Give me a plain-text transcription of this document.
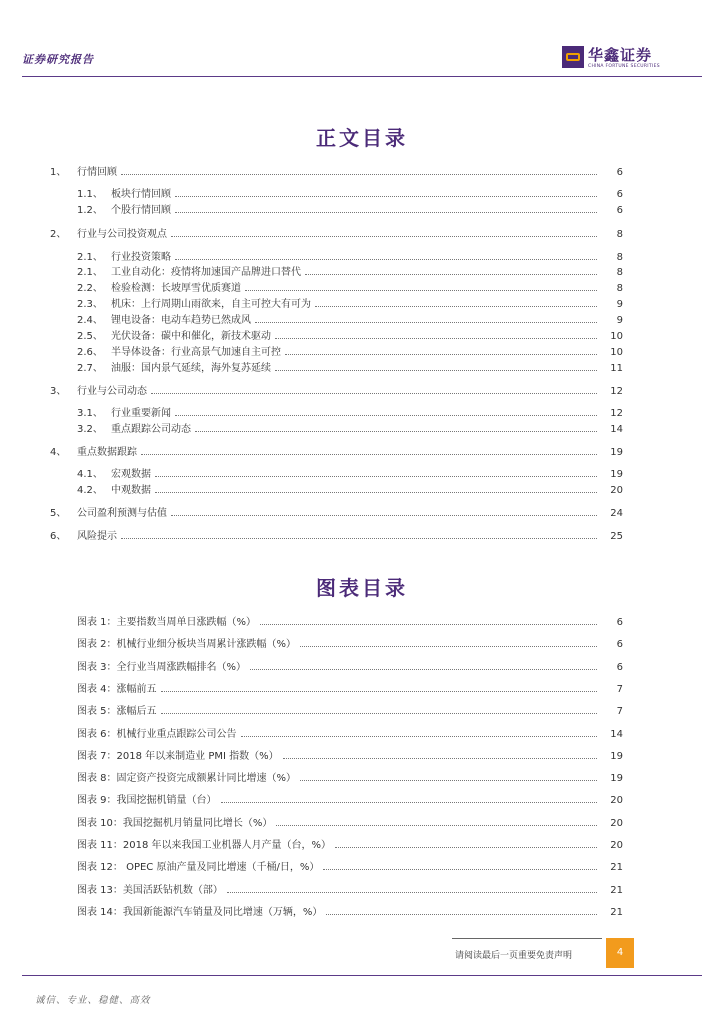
证券研究报告	华鑫证券
CHINA FORTUNE SECURITIES
正文目录
1、	行情回顾	6
1.1、 板块行情回顾	6
1.2、 个股行情回顾	6
2、	行业与公司投资观点	8
2.1、 行业投资策略	8
2.1、 工业自动化：疫情将加速国产品牌进口替代	8
2.2、 检验检测：长坡厚雪优质赛道	8
2.3、 机床：上行周期山雨欲来，自主可控大有可为	9
2.4、 锂电设备：电动车趋势已然成风	9
2.5、 光伏设备：碳中和催化，新技术驱动	10
2.6、 半导体设备：行业高景气加速自主可控	10
2.7、 油服：国内景气延续，海外复苏延续	11
3、	行业与公司动态	12
3.1、 行业重要新闻	12
3.2、 重点跟踪公司动态	14
4、	重点数据跟踪	19
4.1、 宏观数据	19
4.2、 中观数据	20
5、	公司盈利预测与估值	24
6、	风险提示	25
图表目录
图表 1：主要指数当周单日涨跌幅（%）	6
图表 2：机械行业细分板块当周累计涨跌幅（%）	6
图表 3：全行业当周涨跌幅排名（%）	6
图表 4：涨幅前五	7
图表 5：涨幅后五	7
图表 6：机械行业重点跟踪公司公告	14
图表 7：2018 年以来制造业 PMI 指数（%）	19
图表 8：固定资产投资完成额累计同比增速（%）	19
图表 9：我国挖掘机销量（台）	20
图表 10：我国挖掘机月销量同比增长（%）	20
图表 11：2018 年以来我国工业机器人月产量（台，%）	20
图表 12： OPEC 原油产量及同比增速（千桶/日，%）	21
图表 13：美国活跃钻机数（部）	21
图表 14：我国新能源汽车销量及同比增速（万辆，%）	21
请阅读最后一页重要免责声明	4
诚信、专业、稳健、高效
